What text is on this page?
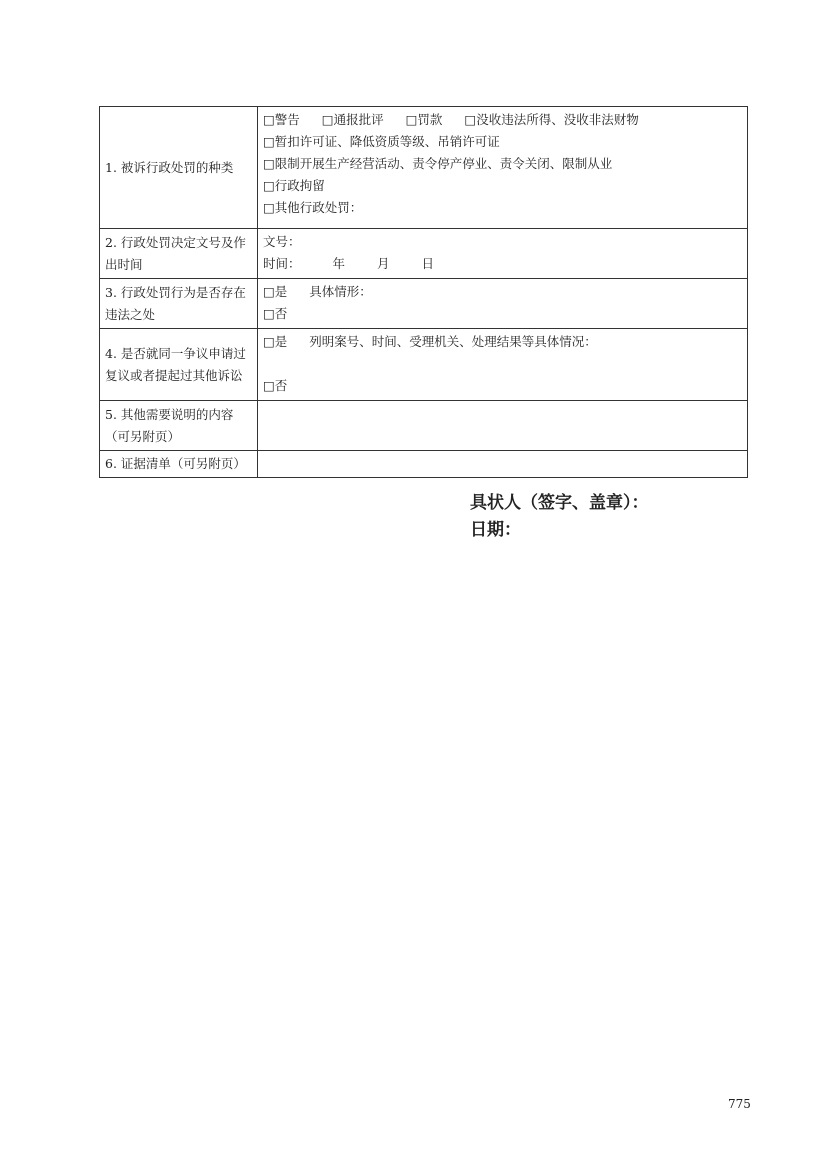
1. 被诉行政处罚的种类	□警告 □通报批评 □罚款 □没收违法所得、没收非法财物
□暂扣许可证、降低资质等级、吊销许可证
□限制开展生产经营活动、责令停产停业、责令关闭、限制从业
□行政拘留
□其他行政处罚：

2. 行政处罚决定文号及作出时间	文号：
时间： 年 月 日

3. 行政处罚行为是否存在违法之处	□是 具体情形：
□否

4. 是否就同一争议申请过复议或者提起过其他诉讼	□是 列明案号、时间、受理机关、处理结果等具体情况：
□否

5. 其他需要说明的内容（可另附页）	
6. 证据清单（可另附页）	
具状人（签字、盖章）：
日期：
775
